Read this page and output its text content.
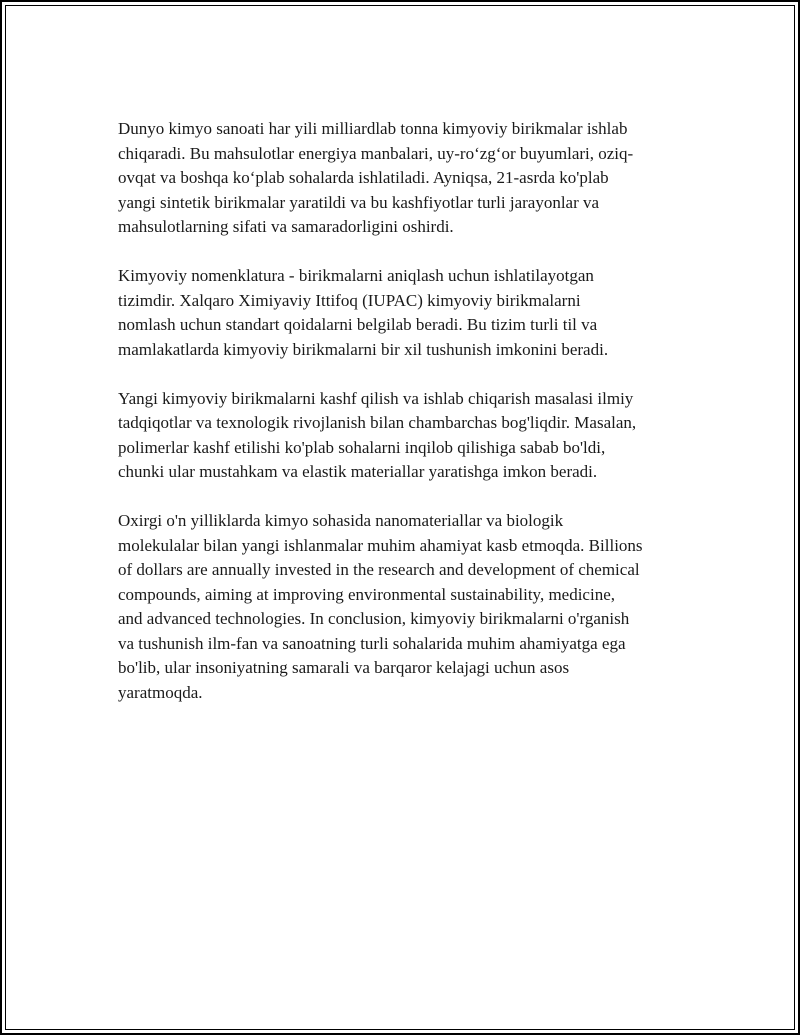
Dunyo kimyo sanoati har yili milliardlab tonna kimyoviy birikmalar ishlab
chiqaradi. Bu mahsulotlar energiya manbalari, uy-ro‘zg‘or buyumlari, oziq-
ovqat va boshqa ko‘plab sohalarda ishlatiladi. Ayniqsa, 21-asrda ko'plab
yangi sintetik birikmalar yaratildi va bu kashfiyotlar turli jarayonlar va
mahsulotlarning sifati va samaradorligini oshirdi.

Kimyoviy nomenklatura - birikmalarni aniqlash uchun ishlatilayotgan
tizimdir. Xalqaro Ximiyaviy Ittifoq (IUPAC) kimyoviy birikmalarni
nomlash uchun standart qoidalarni belgilab beradi. Bu tizim turli til va
mamlakatlarda kimyoviy birikmalarni bir xil tushunish imkonini beradi.

Yangi kimyoviy birikmalarni kashf qilish va ishlab chiqarish masalasi ilmiy
tadqiqotlar va texnologik rivojlanish bilan chambarchas bog'liqdir. Masalan,
polimerlar kashf etilishi ko'plab sohalarni inqilob qilishiga sabab bo'ldi,
chunki ular mustahkam va elastik materiallar yaratishga imkon beradi.

Oxirgi o'n yilliklarda kimyo sohasida nanomateriallar va biologik
molekulalar bilan yangi ishlanmalar muhim ahamiyat kasb etmoqda. Billions
of dollars are annually invested in the research and development of chemical
compounds, aiming at improving environmental sustainability, medicine,
and advanced technologies. In conclusion, kimyoviy birikmalarni o'rganish
va tushunish ilm-fan va sanoatning turli sohalarida muhim ahamiyatga ega
bo'lib, ular insoniyatning samarali va barqaror kelajagi uchun asos
yaratmoqda.
